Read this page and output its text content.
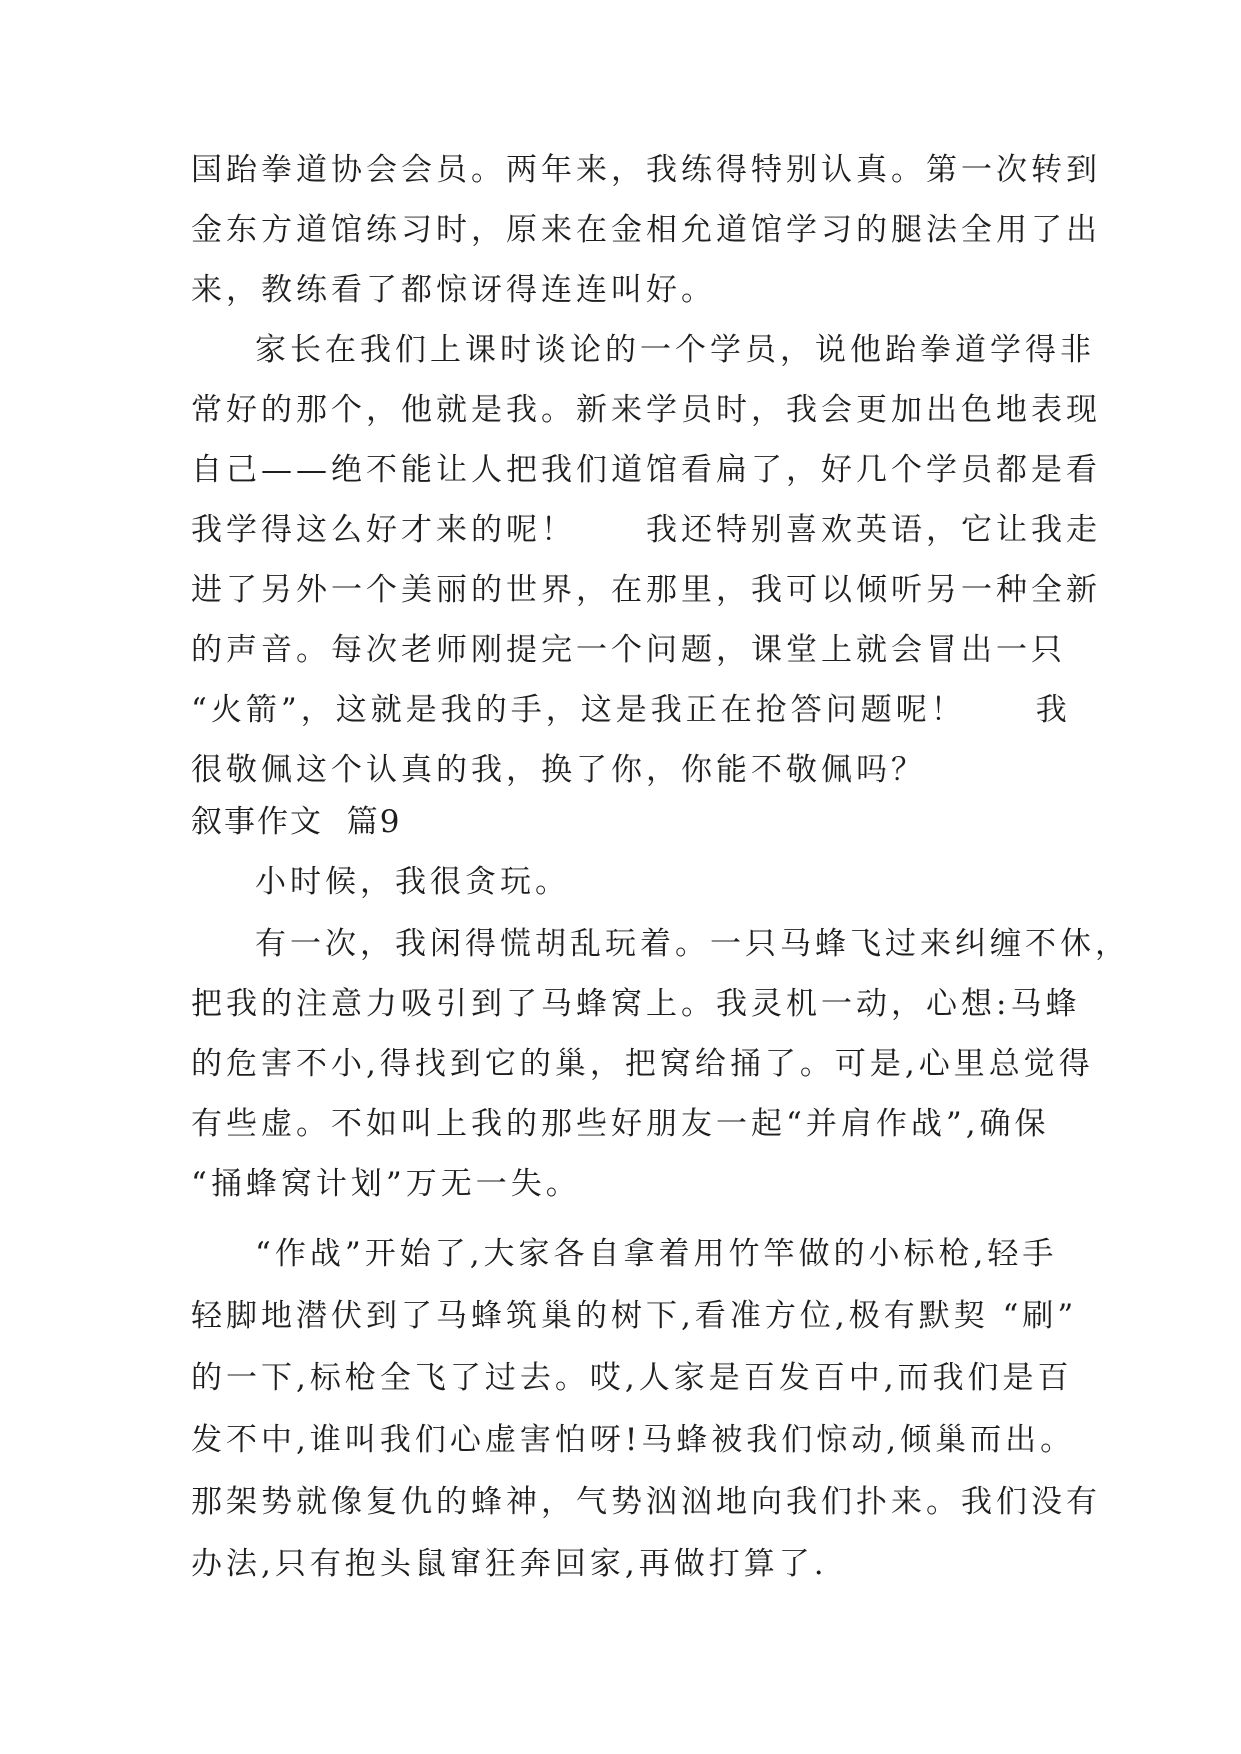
国跆拳道协会会员。两年来，我练得特别认真。第一次转到
金东方道馆练习时，原来在金相允道馆学习的腿法全用了出
来，教练看了都惊讶得连连叫好。
家长在我们上课时谈论的一个学员，说他跆拳道学得非
常好的那个，他就是我。新来学员时，我会更加出色地表现
自己——绝不能让人把我们道馆看扁了，好几个学员都是看
我学得这么好才来的呢！　　我还特别喜欢英语，它让我走
进了另外一个美丽的世界，在那里，我可以倾听另一种全新
的声音。每次老师刚提完一个问题，课堂上就会冒出一只
“火箭”，这就是我的手，这是我正在抢答问题呢！　　我
很敬佩这个认真的我，换了你，你能不敬佩吗？
叙事作文  篇9
小时候，我很贪玩。
有一次，我闲得慌胡乱玩着。一只马蜂飞过来纠缠不休，
把我的注意力吸引到了马蜂窝上。我灵机一动，心想:马蜂
的危害不小,得找到它的巢，把窝给捅了。可是,心里总觉得
有些虚。不如叫上我的那些好朋友一起“并肩作战”,确保
“捅蜂窝计划”万无一失。
“作战”开始了,大家各自拿着用竹竿做的小标枪,轻手
轻脚地潜伏到了马蜂筑巢的树下,看准方位,极有默契 “刷”
的一下,标枪全飞了过去。哎,人家是百发百中,而我们是百
发不中,谁叫我们心虚害怕呀!马蜂被我们惊动,倾巢而出。
那架势就像复仇的蜂神，气势汹汹地向我们扑来。我们没有
办法,只有抱头鼠窜狂奔回家,再做打算了.
